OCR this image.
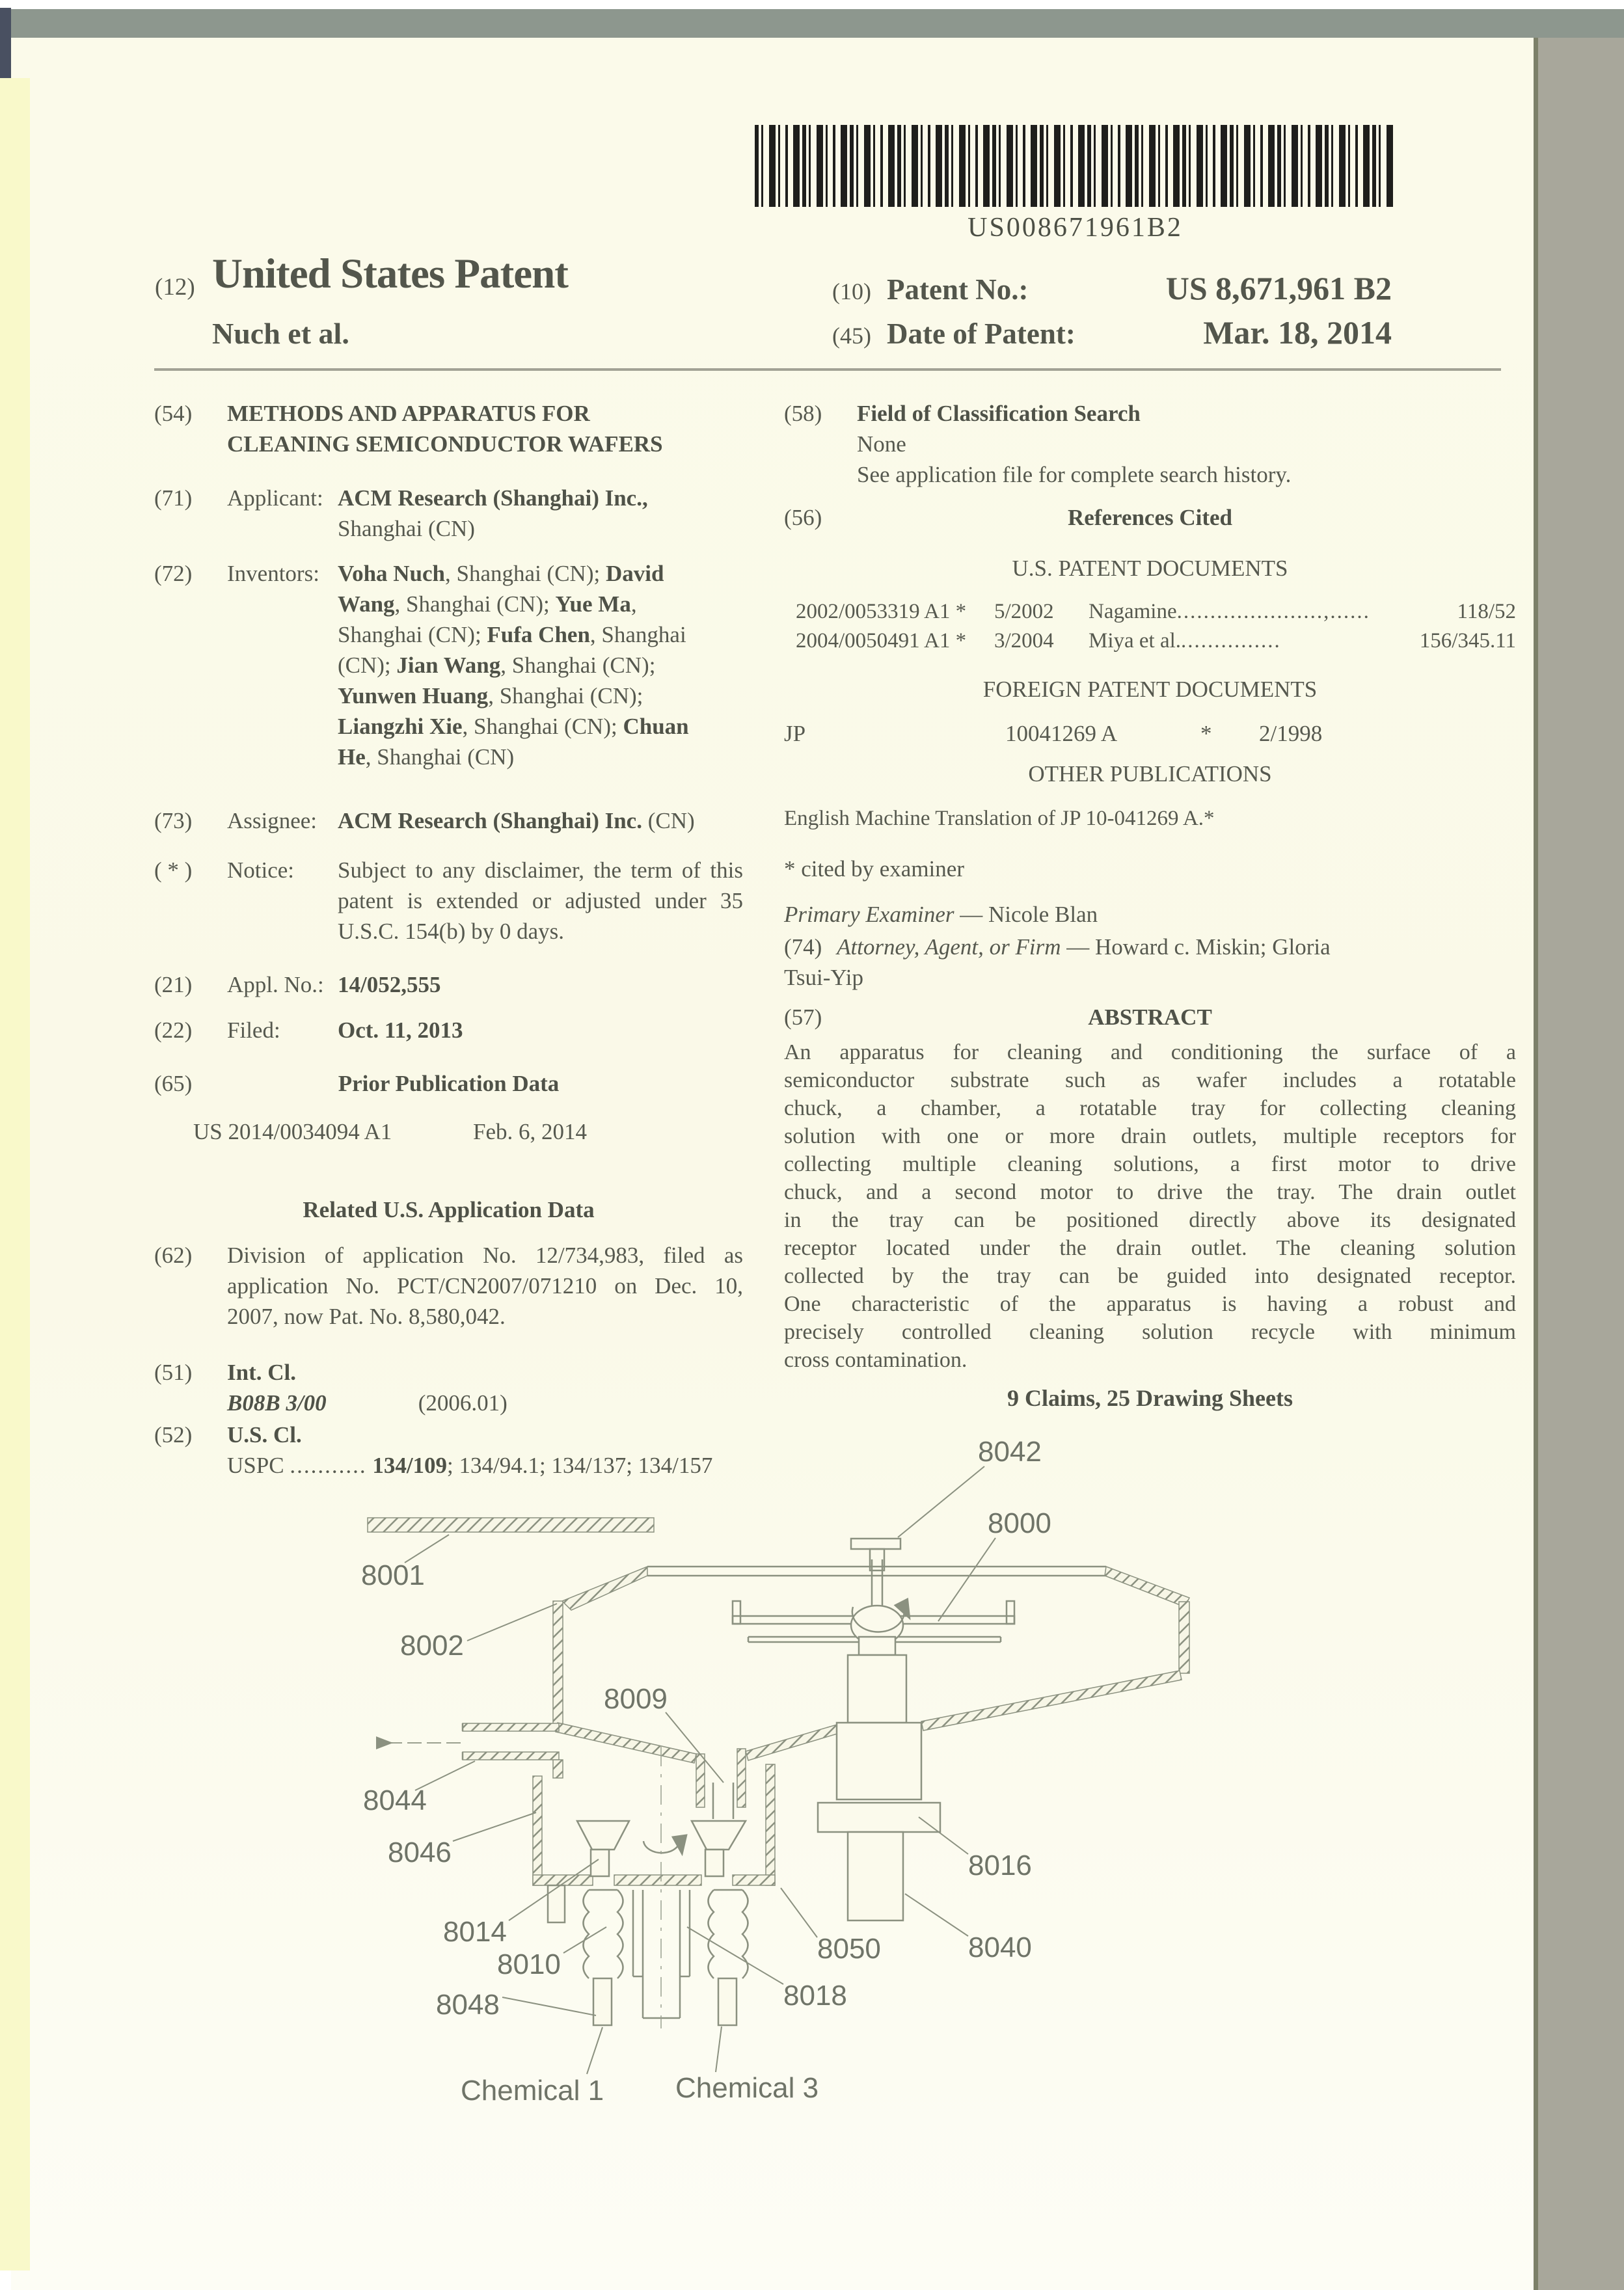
US008671961B2
(12) United States Patent
Nuch et al.
(10) Patent No.:	US 8,671,961 B2
(45) Date of Patent:	Mar. 18, 2014
(54)	METHODS AND APPARATUS FOR
CLEANING SEMICONDUCTOR WAFERS
(71)	Applicant: ACM Research (Shanghai) Inc.,
Shanghai (CN)
(72)	Inventors: Voha Nuch, Shanghai (CN); David
Wang, Shanghai (CN); Yue Ma,
Shanghai (CN); Fufa Chen, Shanghai
(CN); Jian Wang, Shanghai (CN);
Yunwen Huang, Shanghai (CN);
Liangzhi Xie, Shanghai (CN); Chuan
He, Shanghai (CN)
(73)	Assignee: ACM Research (Shanghai) Inc. (CN)
( * )	Notice:	Subject to any disclaimer, the term of this
patent is extended or adjusted under 35
U.S.C. 154(b) by 0 days.
(21)	Appl. No.: 14/052,555
(22)	Filed:	Oct. 11, 2013
(65)	Prior Publication Data
US 2014/0034094 A1	Feb. 6, 2014
Related U.S. Application Data
(62)	Division of application No. 12/734,983, filed as
application No. PCT/CN2007/071210 on Dec. 10,
2007, now Pat. No. 8,580,042.
(51)	Int. Cl.
B08B 3/00	(2006.01)
(52)	U.S. Cl.
USPC ........... 134/109; 134/94.1; 134/137; 134/157
(58)	Field of Classification Search
None
See application file for complete search history.
(56)	References Cited
U.S. PATENT DOCUMENTS
2002/0053319 A1 *	5/2002	Nagamine ......................,......	118/52
2004/0050491 A1 *	3/2004	Miya et al. ...............	156/345.11
FOREIGN PATENT DOCUMENTS
JP	10041269 A	*	2/1998
OTHER PUBLICATIONS
English Machine Translation of JP 10-041269 A.*
* cited by examiner
Primary Examiner — Nicole Blan
(74) Attorney, Agent, or Firm — Howard c. Miskin; Gloria
Tsui-Yip
(57)	ABSTRACT
An apparatus for cleaning and conditioning the surface of a
semiconductor substrate such as wafer includes a rotatable
chuck, a chamber, a rotatable tray for collecting cleaning
solution with one or more drain outlets, multiple receptors for
collecting multiple cleaning solutions, a first motor to drive
chuck, and a second motor to drive the tray. The drain outlet
in the tray can be positioned directly above its designated
receptor located under the drain outlet. The cleaning solution
collected by the tray can be guided into designated receptor.
One characteristic of the apparatus is having a robust and
precisely controlled cleaning solution recycle with minimum
cross contamination.
9 Claims, 25 Drawing Sheets
8042
8000
8001
8002
8009
8044
8046
8014
8010
8048
8050	8040
8016
8018
Chemical 1 Chemical 3
